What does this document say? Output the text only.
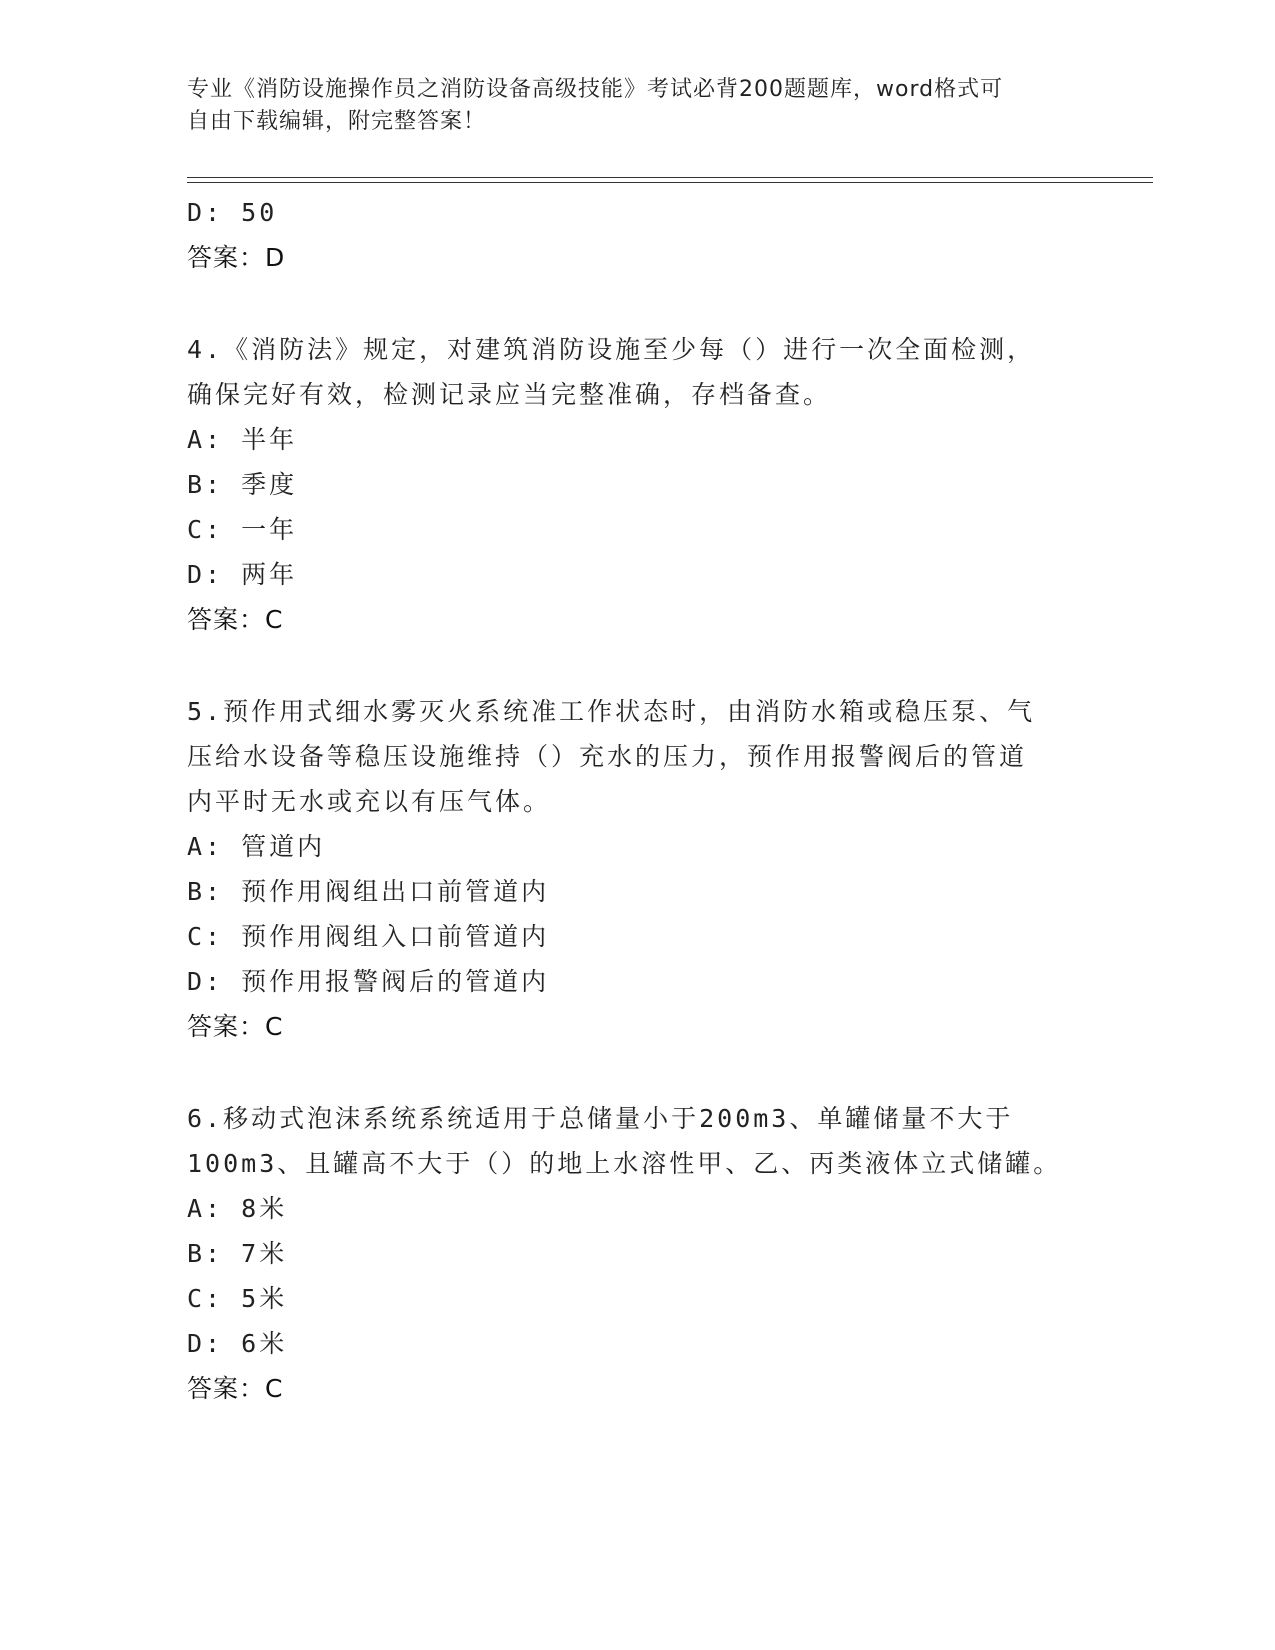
专业《消防设施操作员之消防设备高级技能》考试必背200题题库，word格式可
自由下载编辑，附完整答案！
D: 50
答案：D
4.《消防法》规定，对建筑消防设施至少每（）进行一次全面检测，
确保完好有效，检测记录应当完整准确，存档备查。
A: 半年
B: 季度
C: 一年
D: 两年
答案：C
5.预作用式细水雾灭火系统准工作状态时，由消防水箱或稳压泵、气
压给水设备等稳压设施维持（）充水的压力，预作用报警阀后的管道
内平时无水或充以有压气体。
A: 管道内
B: 预作用阀组出口前管道内
C: 预作用阀组入口前管道内
D: 预作用报警阀后的管道内
答案：C
6.移动式泡沫系统系统适用于总储量小于200m3、单罐储量不大于
100m3、且罐高不大于（）的地上水溶性甲、乙、丙类液体立式储罐。
A: 8米
B: 7米
C: 5米
D: 6米
答案：C
